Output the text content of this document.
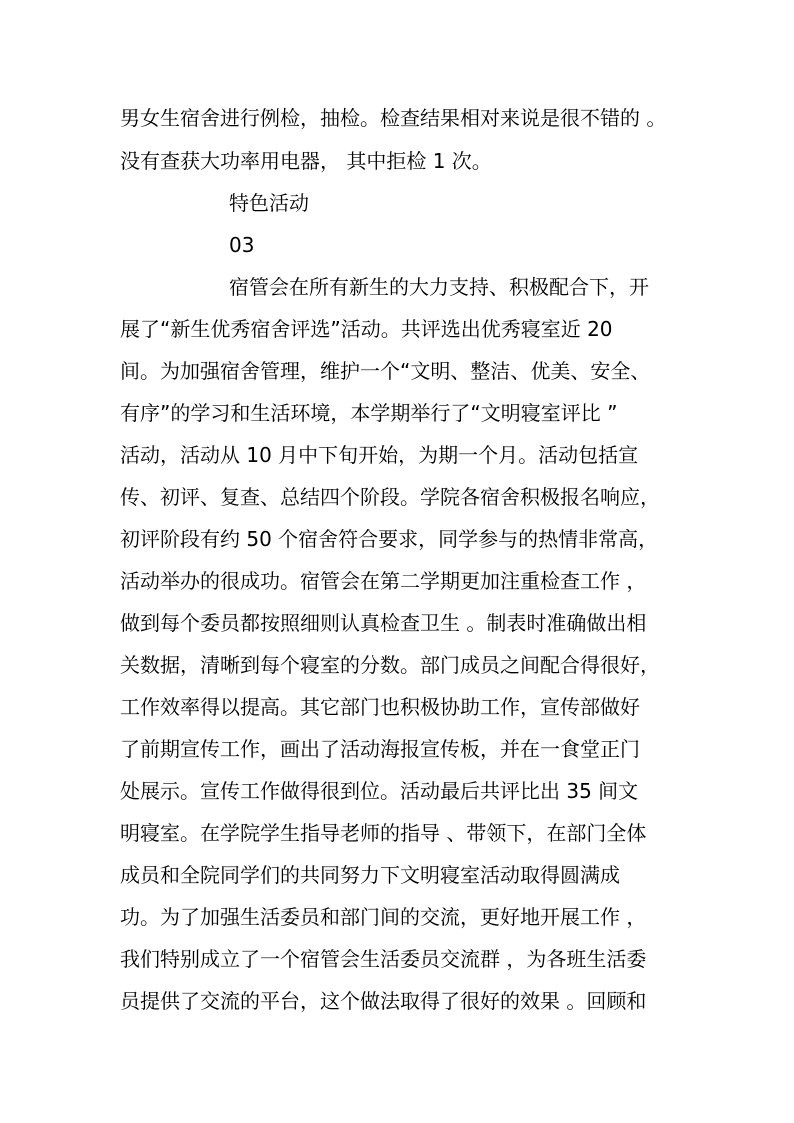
男女生宿舍进行例检，抽检。检查结果相对来说是很不错的 。

没有查获大功率用电器， 其中拒检 1 次。

特色活动

03

宿管会在所有新生的大力支持、积极配合下，开

展了“新生优秀宿舍评选”活动。共评选出优秀寝室近 20

间。为加强宿舍管理，维护一个“文明、整洁、优美、安全、

有序”的学习和生活环境，本学期举行了“文明寝室评比 ”

活动，活动从 10 月中下旬开始，为期一个月。活动包括宣

传、初评、复查、总结四个阶段。学院各宿舍积极报名响应，

初评阶段有约 50 个宿舍符合要求，同学参与的热情非常高，

活动举办的很成功。宿管会在第二学期更加注重检查工作 ，

做到每个委员都按照细则认真检查卫生 。制表时准确做出相

关数据，清晰到每个寝室的分数。部门成员之间配合得很好，

工作效率得以提高。其它部门也积极协助工作，宣传部做好

了前期宣传工作，画出了活动海报宣传板，并在一食堂正门

处展示。宣传工作做得很到位。活动最后共评比出 35 间文

明寝室。在学院学生指导老师的指导 、带领下，在部门全体

成员和全院同学们的共同努力下文明寝室活动取得圆满成

功。为了加强生活委员和部门间的交流，更好地开展工作 ，

我们特别成立了一个宿管会生活委员交流群 ，为各班生活委

员提供了交流的平台，这个做法取得了很好的效果 。回顾和
